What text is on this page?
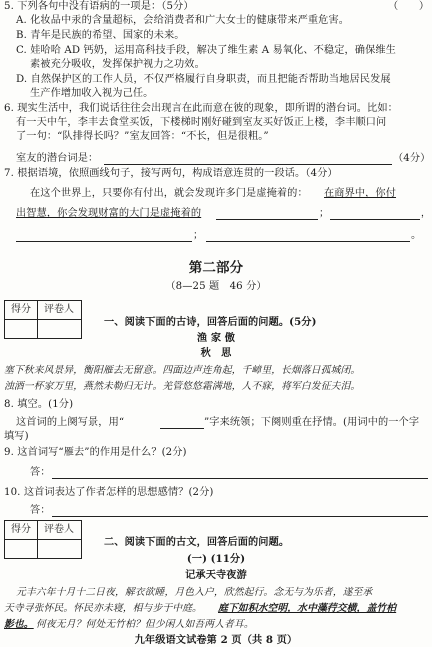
5. 下列各句中没有语病的一项是：（5分）	（　　）
A. 化妆品中汞的含量超标，会给消费者和广大女士的健康带来严重危害。
B. 青年是民族的希望、国家的未来。
C. 娃哈哈 AD 钙奶，运用高科技手段，解决了维生素 A 易氧化、不稳定，确保维生
素被充分吸收，发挥保护视力之功效。
D. 自然保护区的工作人员，不仅严格履行自身职责，而且把能否帮助当地居民发展
生产作增加收入视为己任。
6. 现实生活中，我们说话往往会出现言在此而意在彼的现象，即所谓的潜台词。比如：
有一天中午，李丰去食堂买饭，下楼梯时刚好碰到室友买好饭正上楼，李丰顺口问
了一句：“队排得长吗？”室友回答：“不长，但是很粗。”
室友的潜台词是：	（4分）
7. 根据语境，依照画线句子，接写两句，构成语意连贯的一段话。（4分）
在这个世界上，只要你有付出，就会发现许多门是虚掩着的： 在商界中，你付
出智慧，你会发现财富的大门是虚掩着的	；	，
；	。
第二部分
（8—25 题　46 分）
得分	评卷人
一、阅读下面的古诗，回答后面的问题。(5分)
渔 家 傲
秋　思
塞下秋来风景异，衡阳雁去无留意。四面边声连角起，千嶂里，长烟落日孤城闭。
浊酒一杯家万里，燕然未勒归无计。羌管悠悠霜满地，人不寐，将军白发征夫泪。
8. 填空。(1分)
这首词的上阕写景，用“	”字来统领；下阕则重在抒情。(用词中的一个字
填写)
9. 这首词写“雁去”的作用是什么？(2分)
答：
10. 这首词表达了作者怎样的思想感情？(2分)
答：
得分	评卷人
二、阅读下面的古文，回答后面的问题。
(一) (11分)
记承天寺夜游
元丰六年十月十二日夜，解衣欲睡，月色入户，欣然起行。念无与为乐者，遂至承
天寺寻张怀民。怀民亦未寝，相与步于中庭。 庭下如积水空明，水中藻荇交横，盖竹柏
影也。 何夜无月？何处无竹柏？但少闲人如吾两人者耳。
九年级语文试卷第 2 页（共 8 页）
